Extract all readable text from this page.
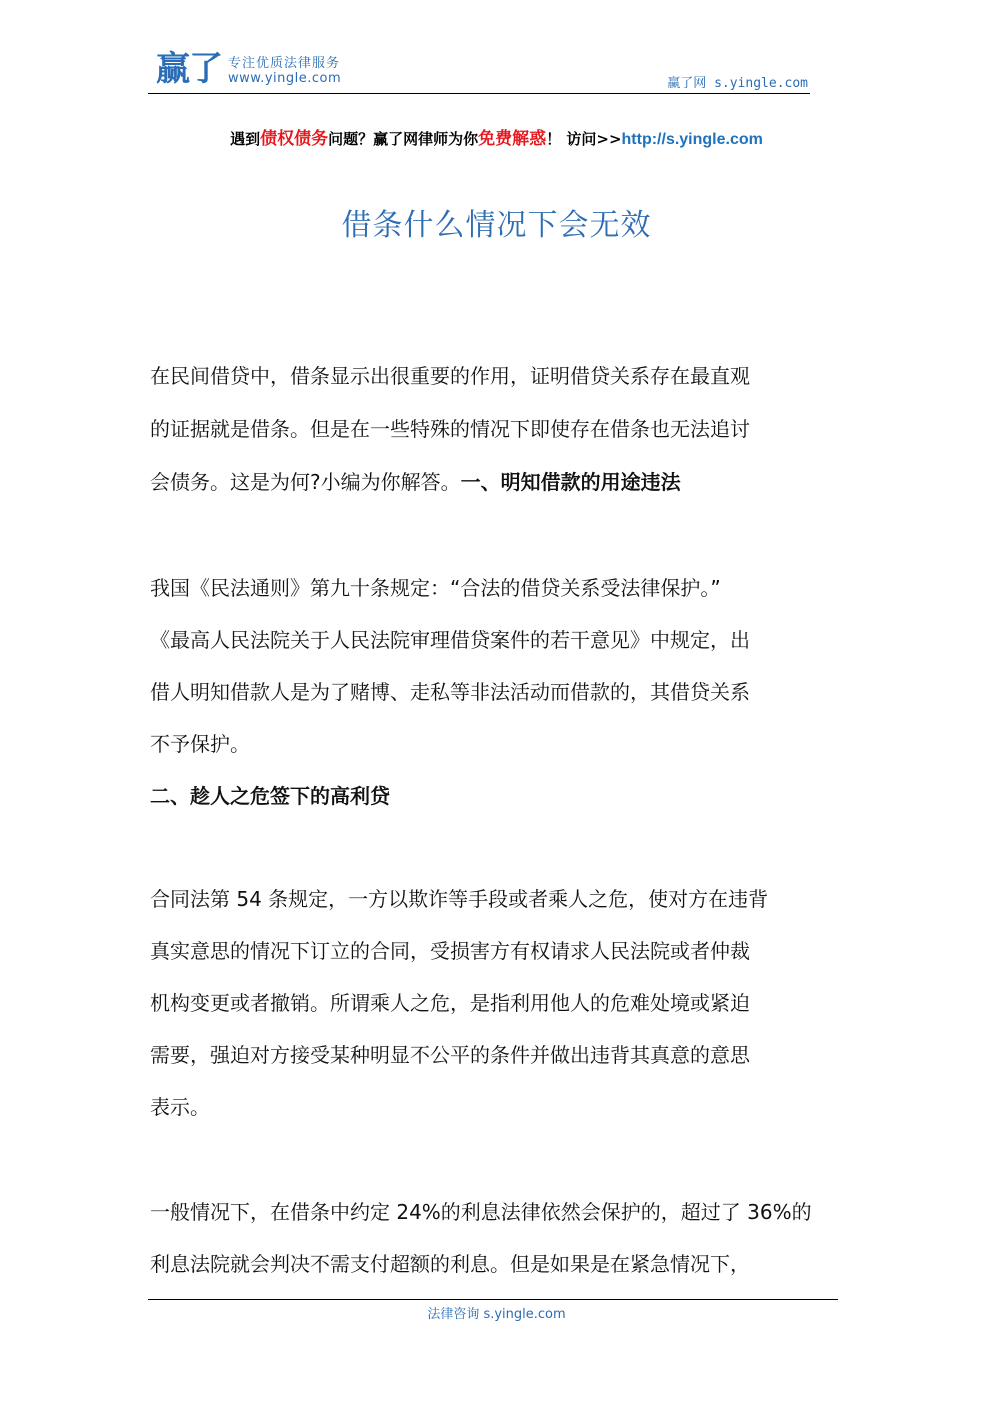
赢了 专注优质法律服务
www.yingle.com	赢了网 s.yingle.com
遇到债权债务问题？赢了网律师为你免费解惑！ 访问>>http://s.yingle.com
借条什么情况下会无效
在民间借贷中，借条显示出很重要的作用，证明借贷关系存在最直观
的证据就是借条。但是在一些特殊的情况下即使存在借条也无法追讨
会债务。这是为何?小编为你解答。一、明知借款的用途违法
我国《民法通则》第九十条规定：“合法的借贷关系受法律保护。”
《最高人民法院关于人民法院审理借贷案件的若干意见》中规定，出
借人明知借款人是为了赌博、走私等非法活动而借款的，其借贷关系
不予保护。
二、趁人之危签下的高利贷
合同法第 54 条规定，一方以欺诈等手段或者乘人之危，使对方在违背
真实意思的情况下订立的合同，受损害方有权请求人民法院或者仲裁
机构变更或者撤销。所谓乘人之危，是指利用他人的危难处境或紧迫
需要，强迫对方接受某种明显不公平的条件并做出违背其真意的意思
表示。
一般情况下，在借条中约定 24%的利息法律依然会保护的，超过了 36%的
利息法院就会判决不需支付超额的利息。但是如果是在紧急情况下，
法律咨询 s.yingle.com
